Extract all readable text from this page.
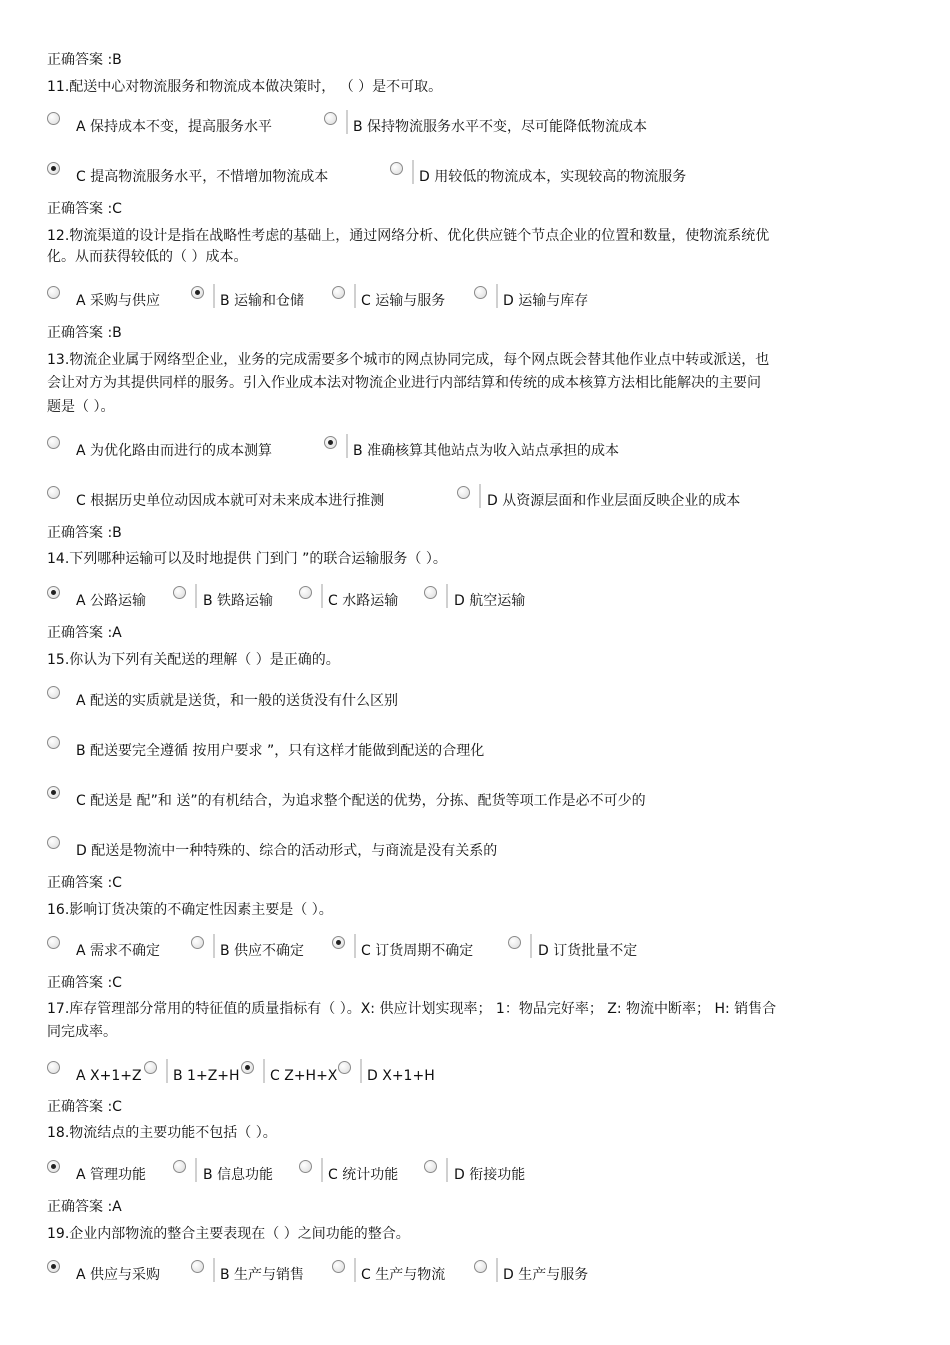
正确答案 :B
11.配送中心对物流服务和物流成本做决策时， （ ）是不可取。
A 保持成本不变，提高服务水平	B 保持物流服务水平不变，尽可能降低物流成本
C 提高物流服务水平，不惜增加物流成本	D 用较低的物流成本，实现较高的物流服务
正确答案 :C
12.物流渠道的设计是指在战略性考虑的基础上，通过网络分析、优化供应链个节点企业的位置和数量，使物流系统优
化。从而获得较低的（ ）成本。
A 采购与供应	B 运输和仓储	C 运输与服务	D 运输与库存
正确答案 :B
13.物流企业属于网络型企业，业务的完成需要多个城市的网点协同完成，每个网点既会替其他作业点中转或派送，也
会让对方为其提供同样的服务。引入作业成本法对物流企业进行内部结算和传统的成本核算方法相比能解决的主要问
题是（ ）。
A 为优化路由而进行的成本测算	B 准确核算其他站点为收入站点承担的成本
C 根据历史单位动因成本就可对未来成本进行推测	D 从资源层面和作业层面反映企业的成本
正确答案 :B
14.下列哪种运输可以及时地提供 门到门 ”的联合运输服务（ ）。
A 公路运输	B 铁路运输	C 水路运输	D 航空运输
正确答案 :A
15.你认为下列有关配送的理解（ ）是正确的。
A 配送的实质就是送货，和一般的送货没有什么区别
B 配送要完全遵循 按用户要求 ”，只有这样才能做到配送的合理化
C 配送是 配”和 送”的有机结合，为追求整个配送的优势，分拣、配货等项工作是必不可少的
D 配送是物流中一种特殊的、综合的活动形式，与商流是没有关系的
正确答案 :C
16.影响订货决策的不确定性因素主要是（ ）。
A 需求不确定	B 供应不确定	C 订货周期不确定	D 订货批量不定
正确答案 :C
17.库存管理部分常用的特征值的质量指标有（ ）。X: 供应计划实现率； 1：物品完好率； Z: 物流中断率； H: 销售合
同完成率。
A X+1+Z B 1+Z+H C Z+H+X D X+1+H
正确答案 :C
18.物流结点的主要功能不包括（ ）。
A 管理功能	B 信息功能	C 统计功能	D 衔接功能
正确答案 :A
19.企业内部物流的整合主要表现在（ ）之间功能的整合。
A 供应与采购	B 生产与销售	C 生产与物流	D 生产与服务
